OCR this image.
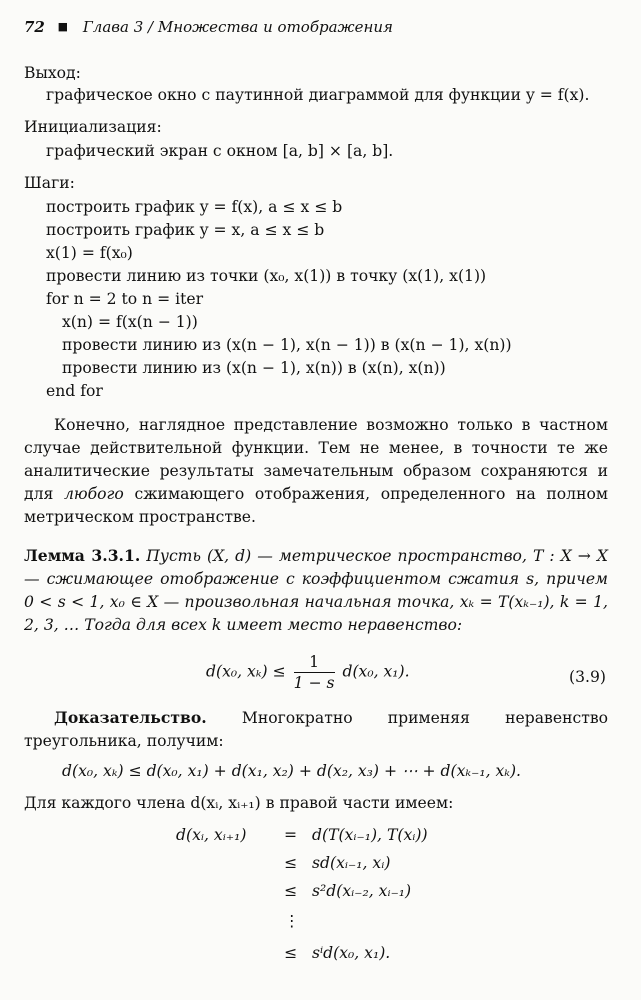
72 ■ Глава 3 / Множества и отображения
Выход:
графическое окно с паутинной диаграммой для функции y = f(x).
Инициализация:
графический экран с окном [a, b] × [a, b].
Шаги:
построить график y = f(x), a ≤ x ≤ b
построить график y = x, a ≤ x ≤ b
x(1) = f(x₀)
провести линию из точки (x₀, x(1)) в точку (x(1), x(1))
for n = 2 to n = iter
x(n) = f(x(n − 1))
провести линию из (x(n − 1), x(n − 1)) в (x(n − 1), x(n))
провести линию из (x(n − 1), x(n)) в (x(n), x(n))
end for
Конечно, наглядное представление возможно только в частном случае действительной функции. Тем не менее, в точности те же аналитические результаты замечательным образом сохраняются и для любого сжимающего отображения, определенного на полном метрическом пространстве.
Лемма 3.3.1. Пусть (X, d) — метрическое пространство, T : X → X — сжимающее отображение с коэффициентом сжатия s, причем 0 < s < 1, x₀ ∈ X — произвольная начальная точка, xₖ = T(xₖ₋₁), k = 1, 2, 3, … Тогда для всех k имеет место неравенство:
d(x₀, $x_k) \le \frac{1}{1 - s} d(x_0$, x₁).	(3.9)
Доказательство. Многократно применяя неравенство треугольника, получим:
d(x₀, xₖ) ≤ d(x₀, x₁) + d(x₁, x₂) + d(x₂, x₃) + ⋯ + d(xₖ₋₁, xₖ).
Для каждого члена d(xᵢ, xᵢ₊₁) в правой части имеем:
d(xᵢ, xᵢ₊₁) = d(T(xᵢ₋₁), T(xᵢ))
≤ sd(xᵢ₋₁, xᵢ)
≤ s²d(xᵢ₋₂, xᵢ₋₁)
⋮
≤ sⁱd(x₀, x₁).
